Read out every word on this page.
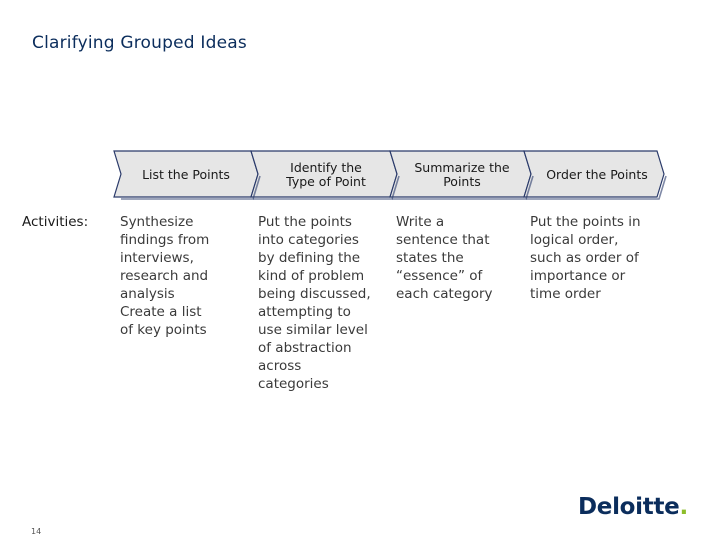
Clarifying Grouped Ideas
List the Points	Identify the
Type of Point
Summarize the
Points	Order the Points
Activities: Synthesize
findings from
interviews,
research and
analysis
Create a list
of key points
Put the points
into categories
by defining the
kind of problem
being discussed,
attempting to
use similar level
of abstraction
across
categories
Write a
sentence that
states the
“essence” of
each category
Put the points in
logical order,
such as order of
importance or
time order
14
Deloitte.
